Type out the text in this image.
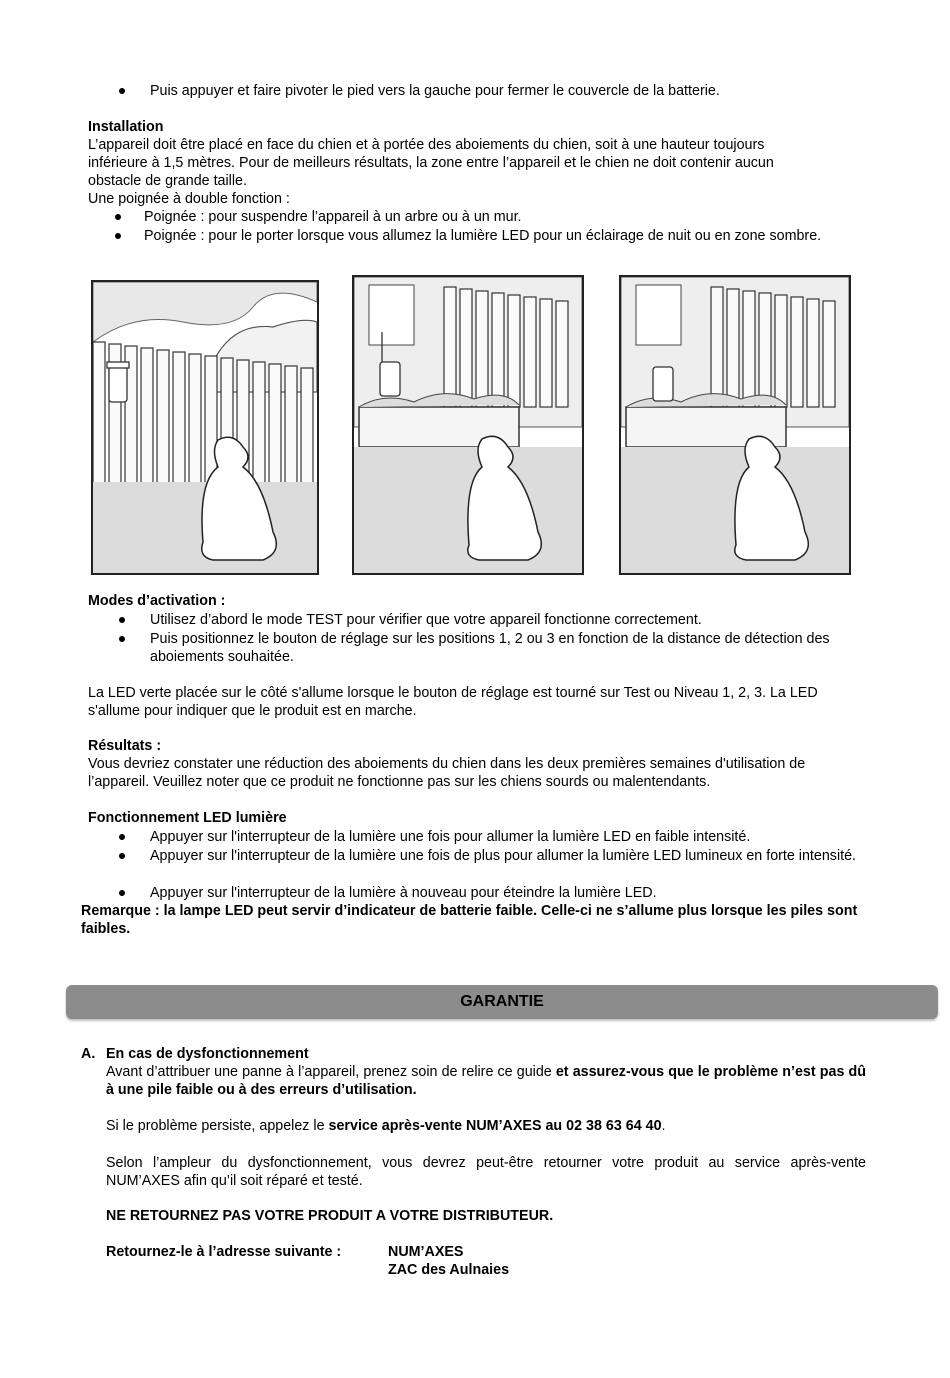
Puis appuyer et faire pivoter le pied vers la gauche pour fermer le couvercle de la batterie.
Installation
L’appareil doit être placé en face du chien et à portée des aboiements du chien, soit à une hauteur toujours
inférieure à 1,5 mètres. Pour de meilleurs résultats, la zone entre l’appareil et le chien ne doit contenir aucun
obstacle de grande taille.
Une poignée à double fonction :
Poignée : pour suspendre l’appareil à un arbre ou à un mur.
Poignée : pour le porter lorsque vous allumez la lumière LED pour un éclairage de nuit ou en zone sombre.
Modes d’activation :
Utilisez d’abord le mode TEST pour vérifier que votre appareil fonctionne correctement.
Puis positionnez le bouton de réglage sur les positions 1, 2 ou 3 en fonction de la distance de détection des aboiements souhaitée.
La LED verte placée sur le côté s'allume lorsque le bouton de réglage est tourné sur Test ou Niveau 1, 2, 3. La LED s'allume pour indiquer que le produit est en marche.
Résultats :
Vous devriez constater une réduction des aboiements du chien dans les deux premières semaines d'utilisation de l’appareil. Veuillez noter que ce produit ne fonctionne pas sur les chiens sourds ou malentendants.
Fonctionnement LED lumière
Appuyer sur l'interrupteur de la lumière une fois pour allumer la lumière LED en faible intensité.
Appuyer sur l'interrupteur de la lumière une fois de plus pour allumer la lumière LED lumineux en forte intensité.
Appuyer sur l'interrupteur de la lumière à nouveau pour éteindre la lumière LED.
Remarque : la lampe LED peut servir d’indicateur de batterie faible. Celle-ci ne s’allume plus lorsque les piles sont faibles.
GARANTIE
A. En cas de dysfonctionnement
Avant d’attribuer une panne à l’appareil, prenez soin de relire ce guide et assurez-vous que le problème n’est pas dû à une pile faible ou à des erreurs d’utilisation.
Si le problème persiste, appelez le service après-vente NUM’AXES au 02 38 63 64 40.
Selon l’ampleur du dysfonctionnement, vous devrez peut-être retourner votre produit au service après-vente NUM’AXES afin qu’il soit réparé et testé.
NE RETOURNEZ PAS VOTRE PRODUIT A VOTRE DISTRIBUTEUR.
Retournez-le à l’adresse suivante :	NUM’AXES
ZAC des Aulnaies
